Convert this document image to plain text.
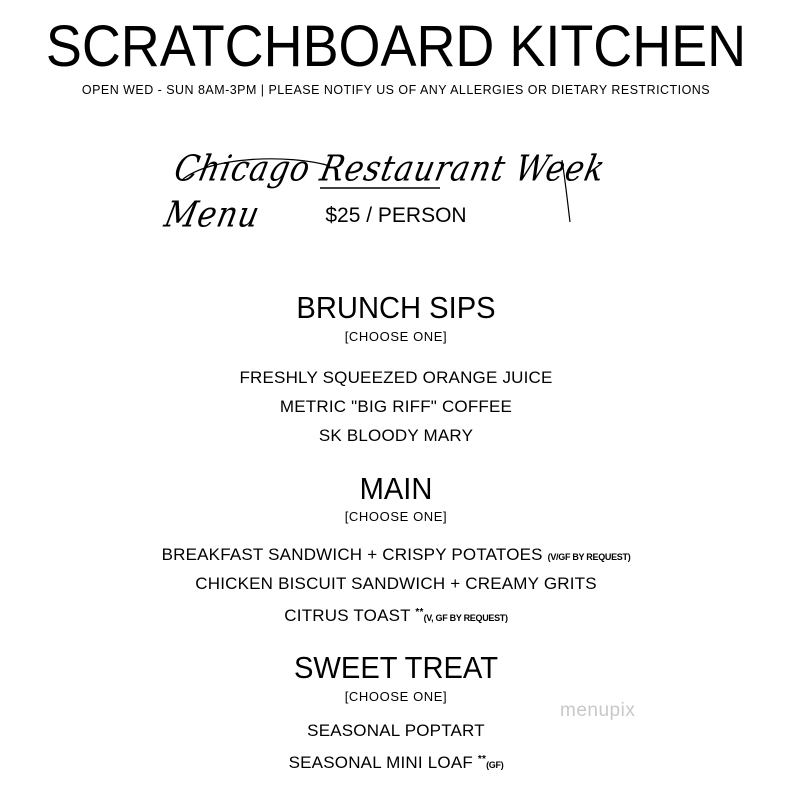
SCRATCHBOARD KITCHEN
OPEN WED - SUN 8AM-3PM | PLEASE NOTIFY US OF ANY ALLERGIES OR DIETARY RESTRICTIONS
Chicago Restaurant Week Menu	$25 / PERSON
BRUNCH SIPS
[CHOOSE ONE]
FRESHLY SQUEEZED ORANGE JUICE
METRIC "BIG RIFF" COFFEE
SK BLOODY MARY
MAIN
[CHOOSE ONE]
BREAKFAST SANDWICH + CRISPY POTATOES (V/GF BY REQUEST)
CHICKEN BISCUIT SANDWICH + CREAMY GRITS
CITRUS TOAST **(V, GF BY REQUEST)
SWEET TREAT
[CHOOSE ONE]
SEASONAL POPTART
SEASONAL MINI LOAF **(GF)
menupix
